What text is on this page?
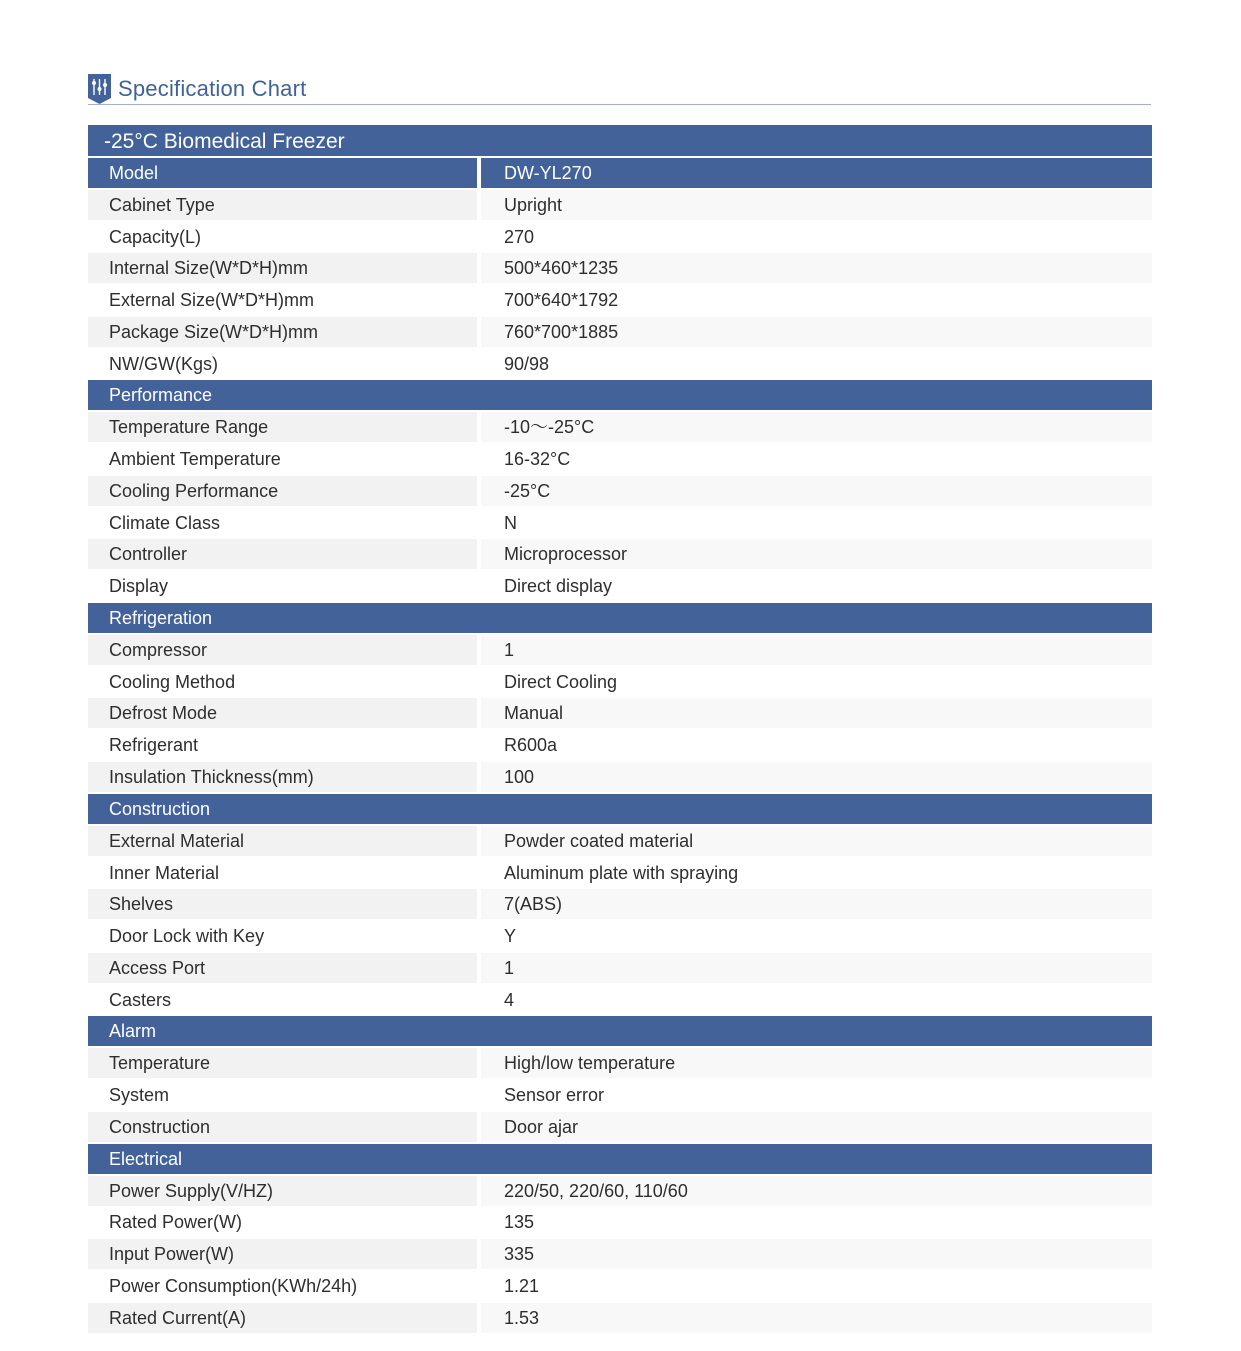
Specification Chart
-25°C Biomedical Freezer
Model	DW-YL270
Cabinet Type	Upright
Capacity(L)	270
Internal Size(W*D*H)mm	500*460*1235
External Size(W*D*H)mm	700*640*1792
Package Size(W*D*H)mm	760*700*1885
NW/GW(Kgs)	90/98
Performance
Temperature Range	-10～-25°C
Ambient Temperature	16-32°C
Cooling Performance	-25°C
Climate Class	N
Controller	Microprocessor
Display	Direct display
Refrigeration
Compressor	1
Cooling Method	Direct Cooling
Defrost Mode	Manual
Refrigerant	R600a
Insulation Thickness(mm)	100
Construction
External Material	Powder coated material
Inner Material	Aluminum plate with spraying
Shelves	7(ABS)
Door Lock with Key	Y
Access Port	1
Casters	4
Alarm
Temperature	High/low temperature
System	Sensor error
Construction	Door ajar
Electrical
Power Supply(V/HZ)	220/50, 220/60, 110/60
Rated Power(W)	135
Input Power(W)	335
Power Consumption(KWh/24h)	1.21
Rated Current(A)	1.53
